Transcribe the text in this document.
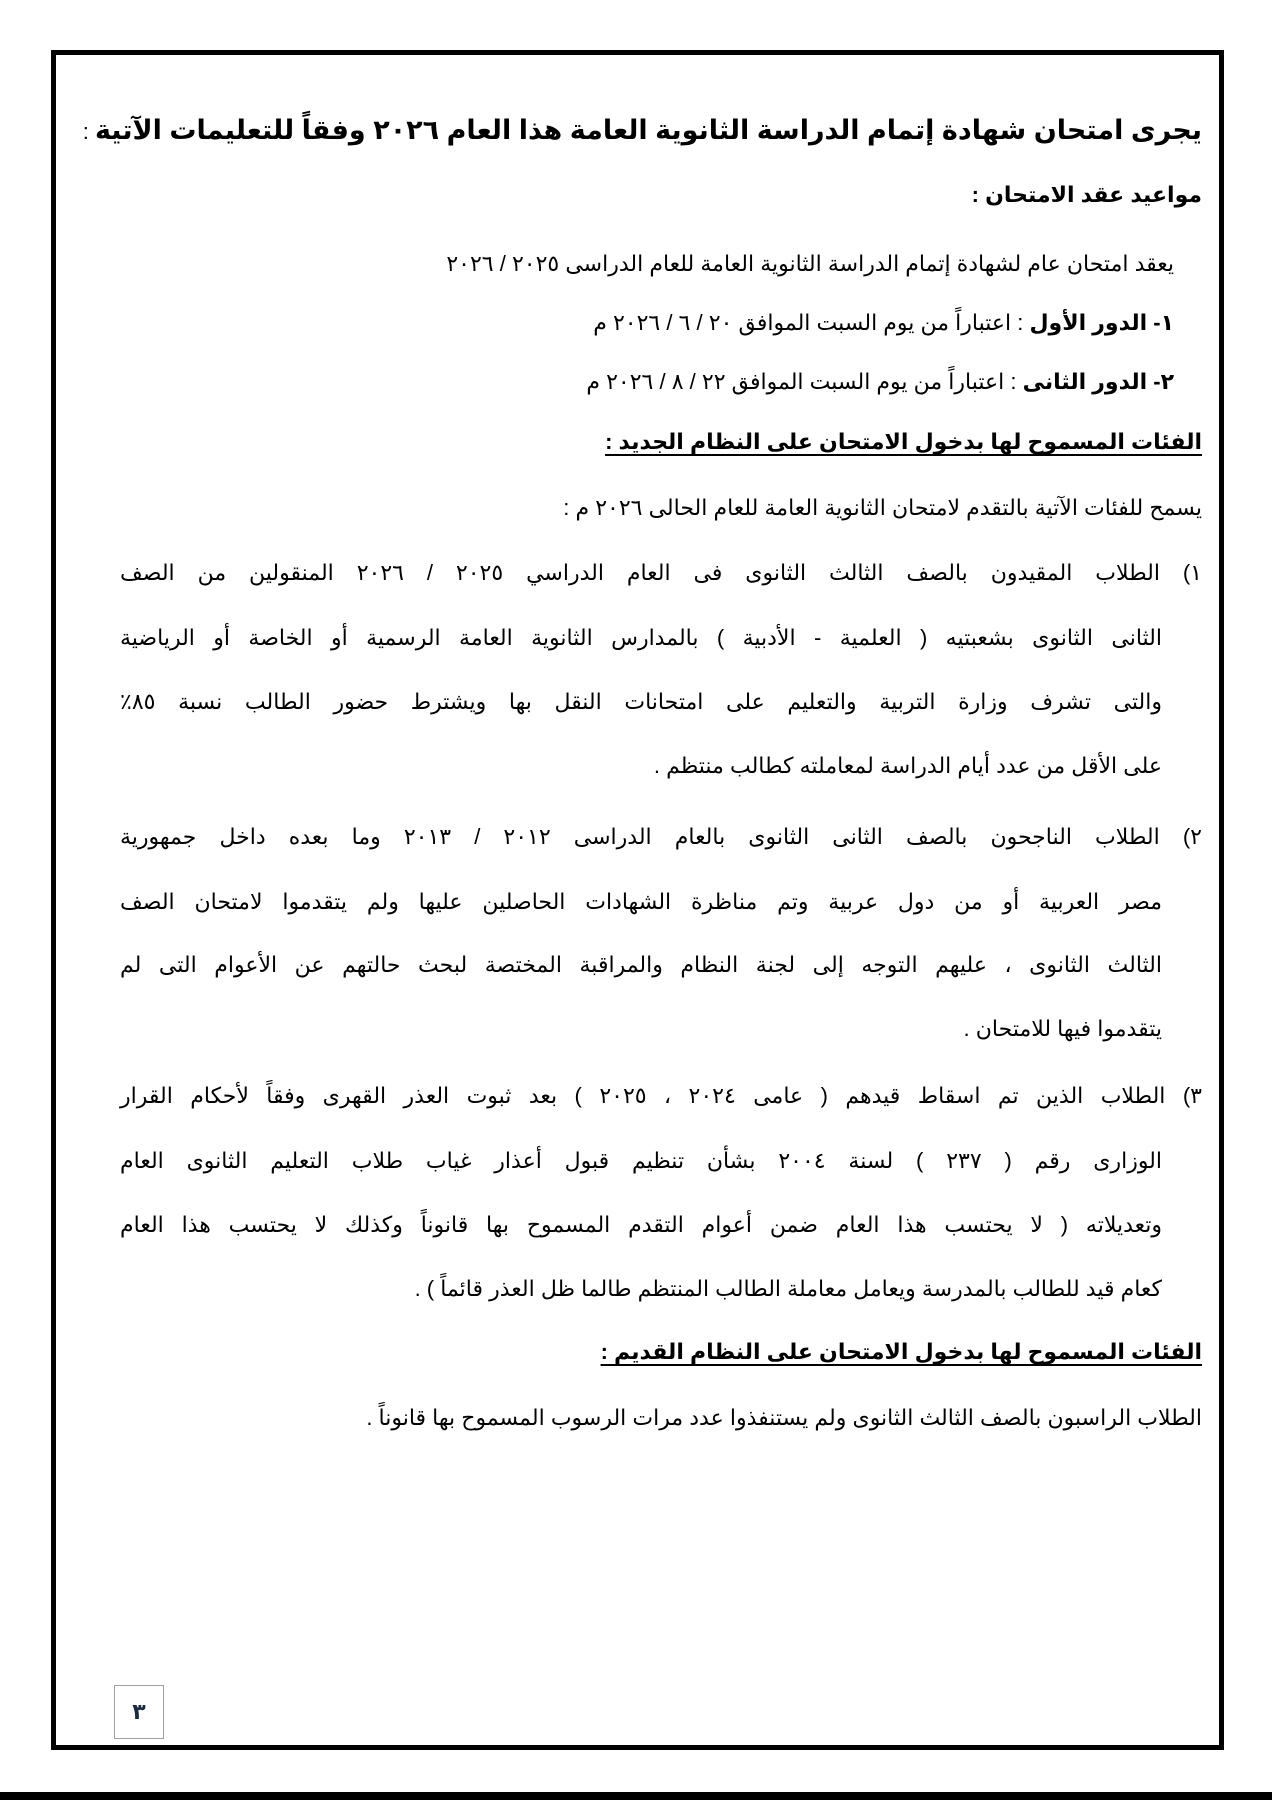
يجرى امتحان شهادة إتمام الدراسة الثانوية العامة هذا العام ٢٠٢٦ وفقاً للتعليمات الآتية :
مواعيد عقد الامتحان :
يعقد امتحان عام لشهادة إتمام الدراسة الثانوية العامة للعام الدراسى ٢٠٢٥ / ٢٠٢٦
١- الدور الأول : اعتباراً من يوم السبت الموافق ٢٠ / ٦ / ٢٠٢٦ م
٢- الدور الثانى : اعتباراً من يوم السبت الموافق ٢٢ / ٨ / ٢٠٢٦ م
الفئات المسموح لها بدخول الامتحان على النظام الجديد :
يسمح للفئات الآتية بالتقدم لامتحان الثانوية العامة للعام الحالى ٢٠٢٦ م :
١) الطلاب المقيدون بالصف الثالث الثانوى فى العام الدراسي ٢٠٢٥ / ٢٠٢٦ المنقولين من الصف
الثانى الثانوى بشعبتيه ( العلمية - الأدبية ) بالمدارس الثانوية العامة الرسمية أو الخاصة أو الرياضية
والتى تشرف وزارة التربية والتعليم على امتحانات النقل بها ويشترط حضور الطالب نسبة ٨٥٪
على الأقل من عدد أيام الدراسة لمعاملته كطالب منتظم .
٢) الطلاب الناجحون بالصف الثانى الثانوى بالعام الدراسى ٢٠١٢ / ٢٠١٣ وما بعده داخل جمهورية
مصر العربية أو من دول عربية وتم مناظرة الشهادات الحاصلين عليها ولم يتقدموا لامتحان الصف
الثالث الثانوى ، عليهم التوجه إلى لجنة النظام والمراقبة المختصة لبحث حالتهم عن الأعوام التى لم
يتقدموا فيها للامتحان .
٣) الطلاب الذين تم اسقاط قيدهم ( عامى ٢٠٢٤ ، ٢٠٢٥ ) بعد ثبوت العذر القهرى وفقاً لأحكام القرار
الوزارى رقم ( ٢٣٧ ) لسنة ٢٠٠٤ بشأن تنظيم قبول أعذار غياب طلاب التعليم الثانوى العام
وتعديلاته ( لا يحتسب هذا العام ضمن أعوام التقدم المسموح بها قانوناً وكذلك لا يحتسب هذا العام
كعام قيد للطالب بالمدرسة ويعامل معاملة الطالب المنتظم طالما ظل العذر قائماً ) .
الفئات المسموح لها بدخول الامتحان على النظام القديم :
الطلاب الراسبون بالصف الثالث الثانوى ولم يستنفذوا عدد مرات الرسوب المسموح بها قانوناً .
٣
